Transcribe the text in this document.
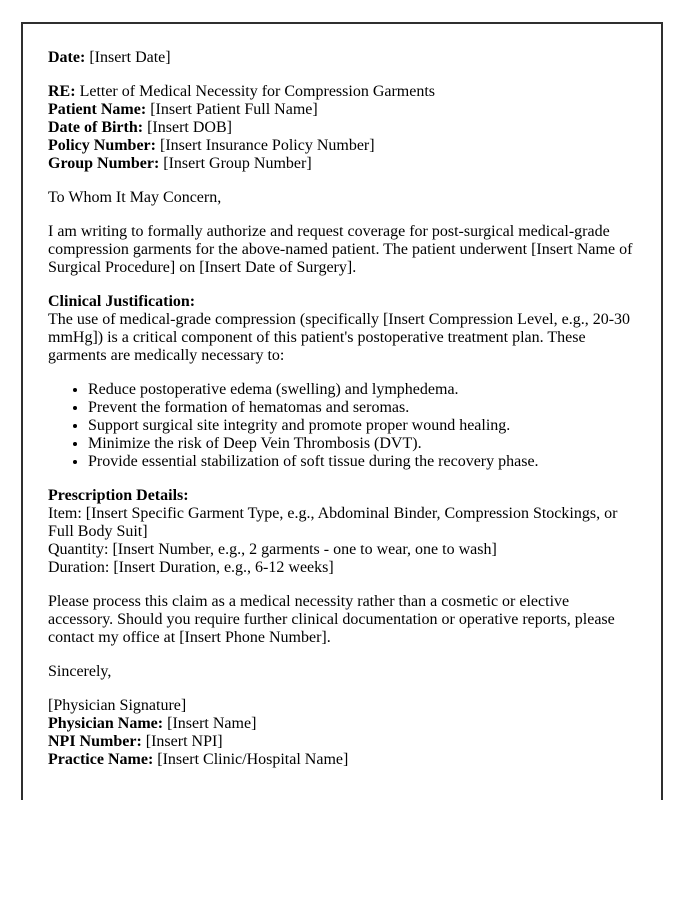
Date: [Insert Date]

RE: Letter of Medical Necessity for Compression Garments
Patient Name: [Insert Patient Full Name]
Date of Birth: [Insert DOB]
Policy Number: [Insert Insurance Policy Number]
Group Number: [Insert Group Number]

To Whom It May Concern,

I am writing to formally authorize and request coverage for post-surgical medical-grade compression garments for the above-named patient. The patient underwent [Insert Name of Surgical Procedure] on [Insert Date of Surgery].

Clinical Justification:
The use of medical-grade compression (specifically [Insert Compression Level, e.g., 20-30 mmHg]) is a critical component of this patient's postoperative treatment plan. These garments are medically necessary to:

• Reduce postoperative edema (swelling) and lymphedema.
• Prevent the formation of hematomas and seromas.
• Support surgical site integrity and promote proper wound healing.
• Minimize the risk of Deep Vein Thrombosis (DVT).
• Provide essential stabilization of soft tissue during the recovery phase.

Prescription Details:
Item: [Insert Specific Garment Type, e.g., Abdominal Binder, Compression Stockings, or Full Body Suit]
Quantity: [Insert Number, e.g., 2 garments - one to wear, one to wash]
Duration: [Insert Duration, e.g., 6-12 weeks]

Please process this claim as a medical necessity rather than a cosmetic or elective accessory. Should you require further clinical documentation or operative reports, please contact my office at [Insert Phone Number].

Sincerely,

[Physician Signature]
Physician Name: [Insert Name]
NPI Number: [Insert NPI]
Practice Name: [Insert Clinic/Hospital Name]
